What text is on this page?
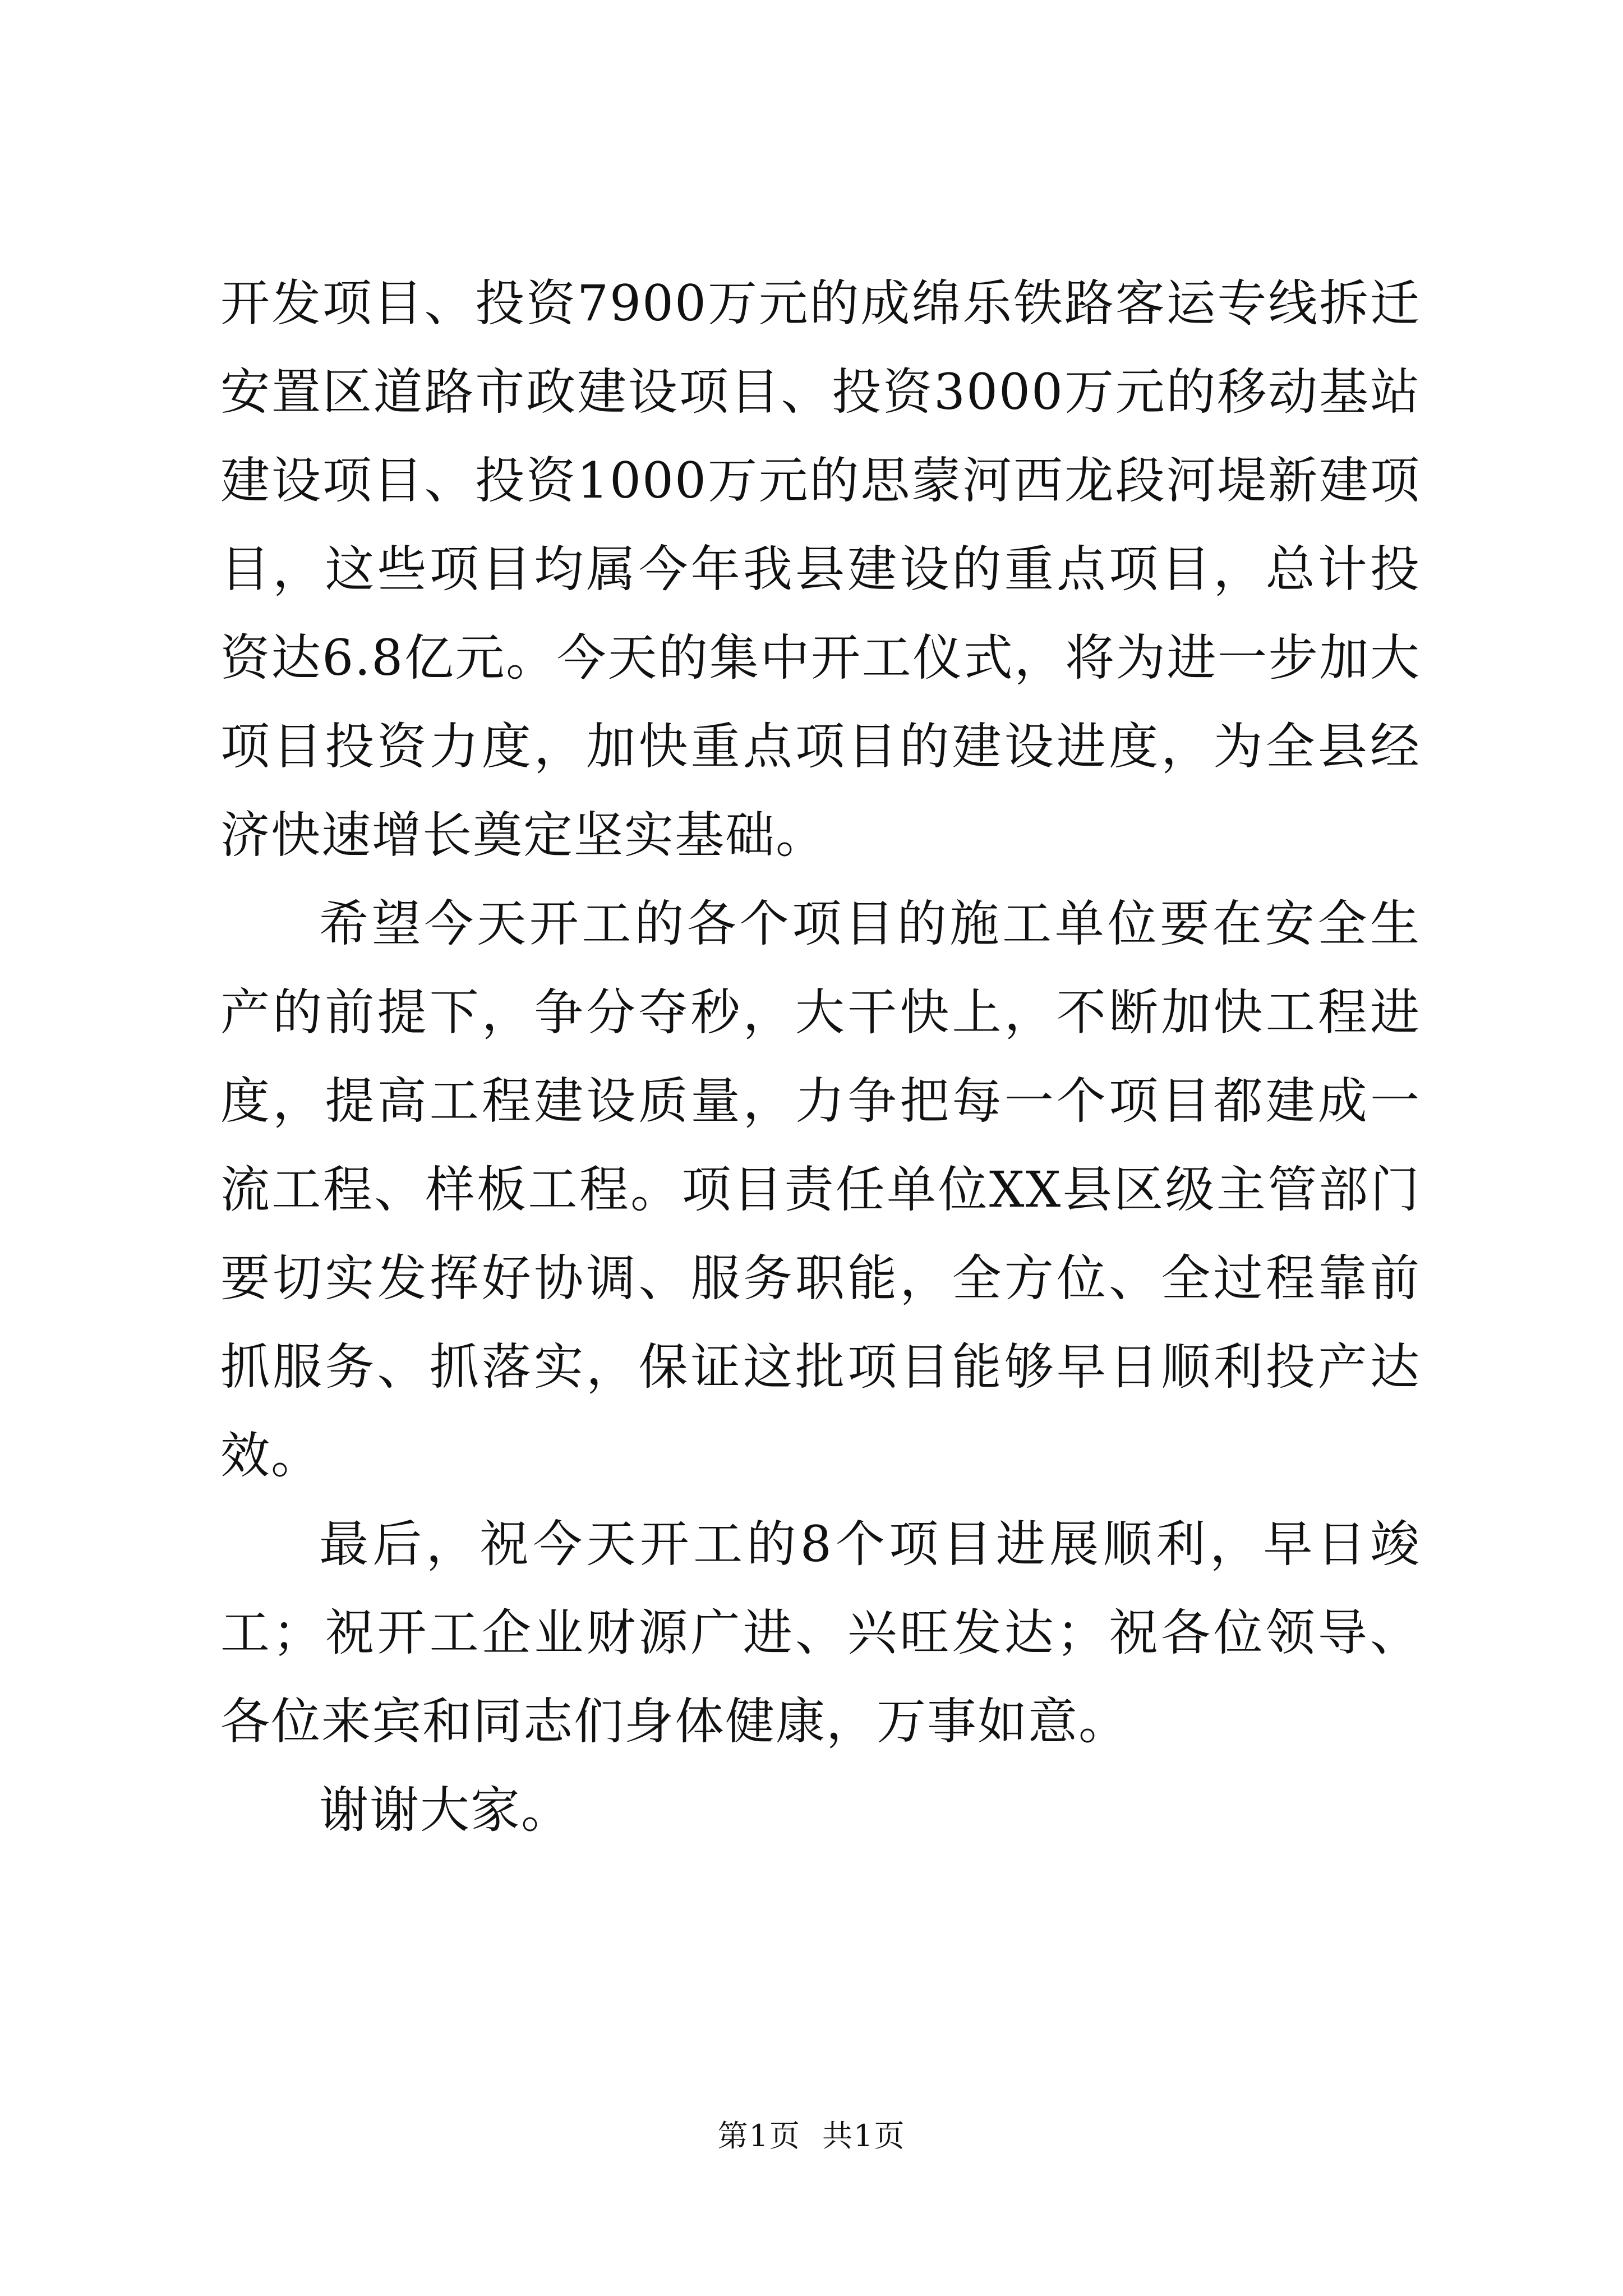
开发项目、投资7900万元的成绵乐铁路客运专线拆迁安置区道路市政建设项目、投资3000万元的移动基站建设项目、投资1000万元的思蒙河西龙段河堤新建项目，这些项目均属今年我县建设的重点项目，总计投资达6.8亿元。今天的集中开工仪式，将为进一步加大项目投资力度，加快重点项目的建设进度，为全县经济快速增长奠定坚实基础。

希望今天开工的各个项目的施工单位要在安全生产的前提下，争分夺秒，大干快上，不断加快工程进度，提高工程建设质量，力争把每一个项目都建成一流工程、样板工程。项目责任单位XX县区级主管部门要切实发挥好协调、服务职能，全方位、全过程靠前抓服务、抓落实，保证这批项目能够早日顺利投产达效。

最后，祝今天开工的8个项目进展顺利，早日竣工；祝开工企业财源广进、兴旺发达；祝各位领导、各位来宾和同志们身体健康，万事如意。

谢谢大家。

第1页 共1页
